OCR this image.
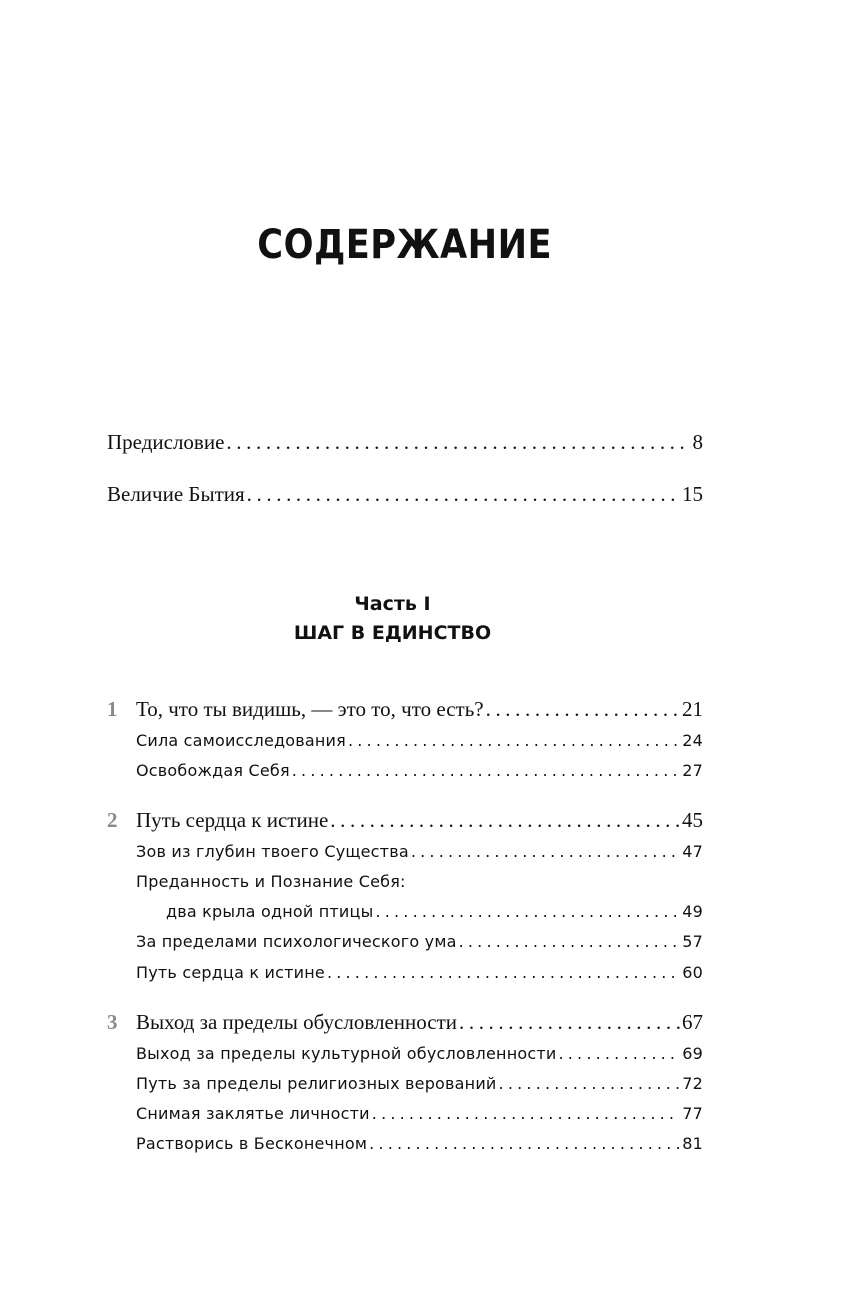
СОДЕРЖАНИЕ
Предисловие .....	8
Величие Бытия .....	15
Часть I
ШАГ В ЕДИНСТВО
1 То, что ты видишь, — это то, что есть? .....	21
Сила самоисследования .....	24
Освобождая Себя .....	27
2 Путь сердца к истине .....	45
Зов из глубин твоего Существа .....	47
Преданность и Познание Себя:
два крыла одной птицы .....	49
За пределами психологического ума .....	57
Путь сердца к истине .....	60
3 Выход за пределы обусловленности .....	67
Выход за пределы культурной обусловленности .....	69
Путь за пределы религиозных верований .....	72
Снимая заклятье личности .....	77
Растворись в Бесконечном .....	81
